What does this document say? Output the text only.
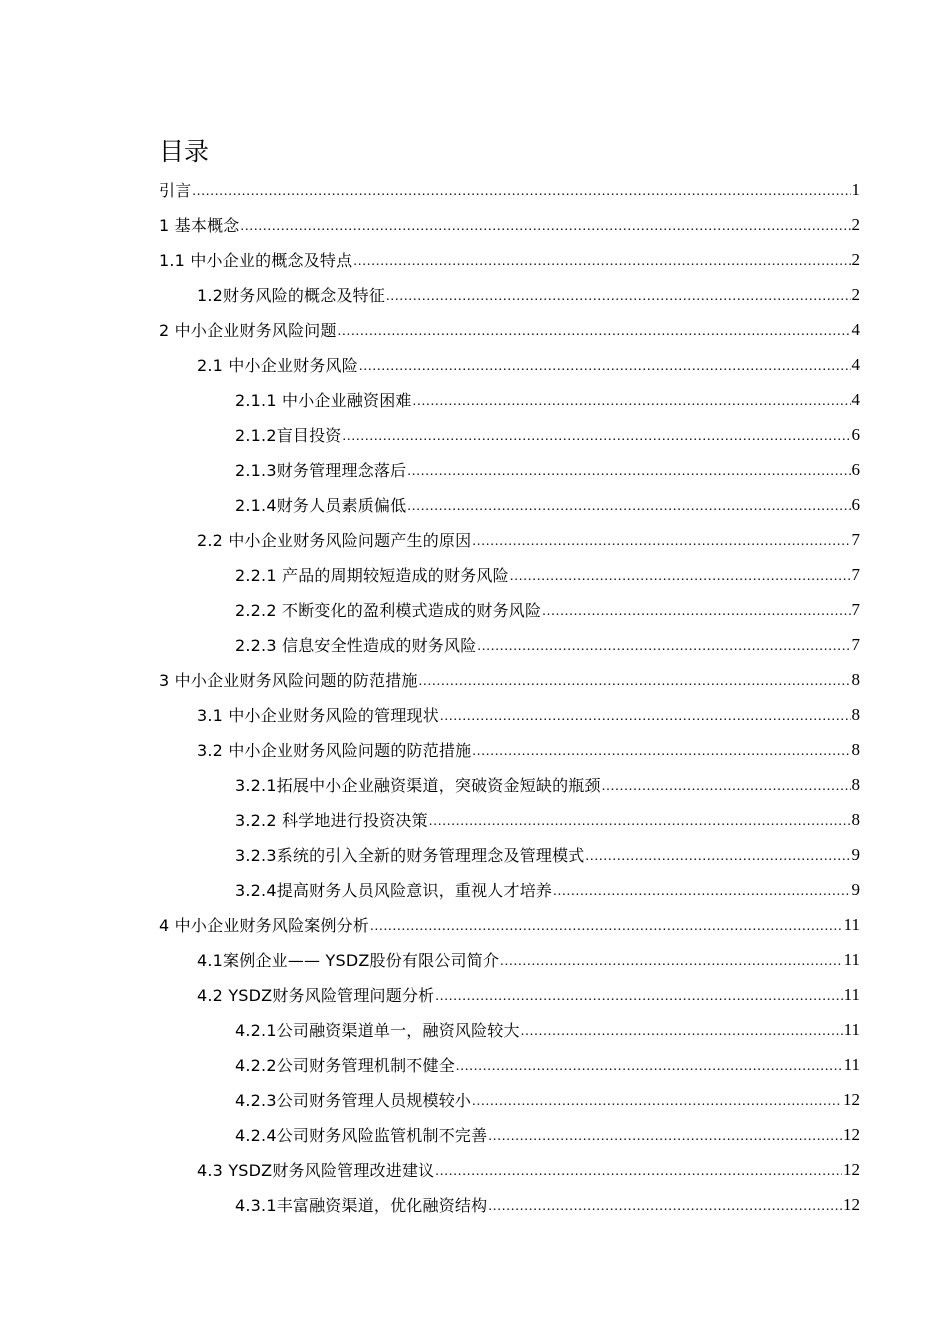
目录
引言 .....	1
1 基本概念 .....	2
1.1 中小企业的概念及特点 .....	2
1.2财务风险的概念及特征 .....	2
2 中小企业财务风险问题 .....	4
2.1 中小企业财务风险 .....	4
2.1.1 中小企业融资困难 .....	4
2.1.2盲目投资 .....	6
2.1.3财务管理理念落后 .....	6
2.1.4财务人员素质偏低 .....	6
2.2 中小企业财务风险问题产生的原因 .....	7
2.2.1 产品的周期较短造成的财务风险 .....	7
2.2.2 不断变化的盈利模式造成的财务风险 .....	7
2.2.3 信息安全性造成的财务风险 .....	7
3 中小企业财务风险问题的防范措施 .....	8
3.1 中小企业财务风险的管理现状 .....	8
3.2 中小企业财务风险问题的防范措施 .....	8
3.2.1拓展中小企业融资渠道，突破资金短缺的瓶颈 .....	8
3.2.2 科学地进行投资决策 .....	8
3.2.3系统的引入全新的财务管理理念及管理模式 .....	9
3.2.4提高财务人员风险意识，重视人才培养 .....	9
4 中小企业财务风险案例分析 .....	11
4.1案例企业—— YSDZ股份有限公司简介 .....	11
4.2 YSDZ财务风险管理问题分析 .....	11
4.2.1公司融资渠道单一，融资风险较大 .....	11
4.2.2公司财务管理机制不健全 .....	11
4.2.3公司财务管理人员规模较小 .....	12
4.2.4公司财务风险监管机制不完善 .....	12
4.3 YSDZ财务风险管理改进建议 .....	12
4.3.1丰富融资渠道，优化融资结构 .....	12
